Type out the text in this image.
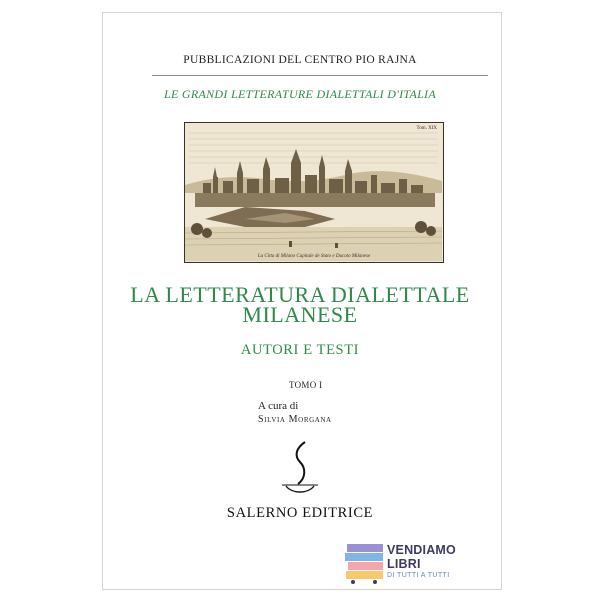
PUBBLICAZIONI DEL CENTRO PIO RAJNA
LE GRANDI LETTERATURE DIALETTALI D'ITALIA
Tom. XIX
La Citta di Milano Capitale de Stato e Ducato Milanese
LA LETTERATURA DIALETTALE
MILANESE
AUTORI E TESTI
TOMO I
A cura di
Silvia Morgana
SALERNO EDITRICE
VENDIAMO
LIBRI
DI TUTTI A TUTTI
